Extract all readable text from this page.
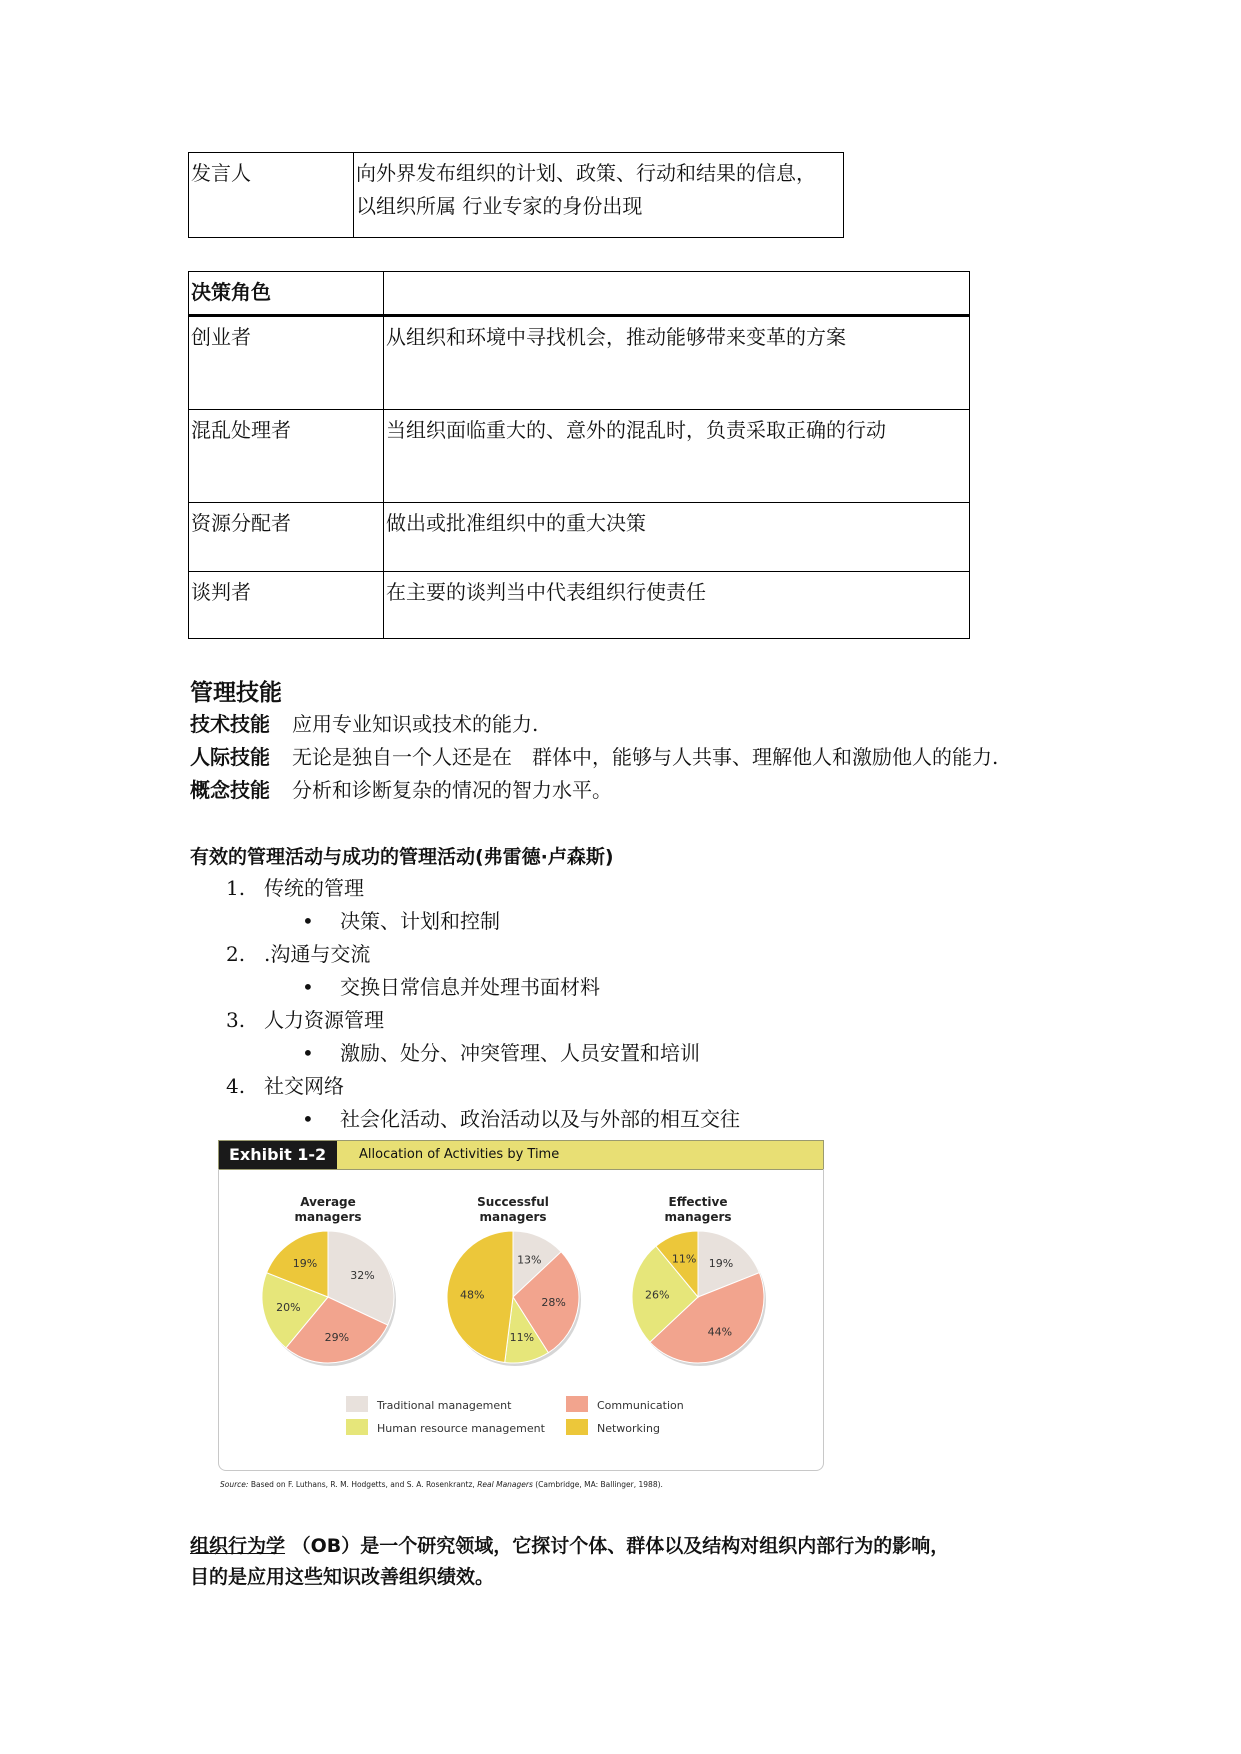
发言人	向外界发布组织的计划、政策、行动和结果的信息，
以组织所属 行业专家的身份出现
决策角色	
创业者	从组织和环境中寻找机会，推动能够带来变革的方案
混乱处理者	当组织面临重大的、意外的混乱时，负责采取正确的行动
资源分配者	做出或批准组织中的重大决策
谈判者	在主要的谈判当中代表组织行使责任
管理技能
技术技能 应用专业知识或技术的能力.
人际技能 无论是独自一个人还是在　群体中，能够与人共事、理解他人和激励他人的能力.
概念技能 分析和诊断复杂的情况的智力水平。
有效的管理活动与成功的管理活动(弗雷德·卢森斯)
1. 传统的管理
• 决策、计划和控制
2. .沟通与交流
• 交换日常信息并处理书面材料
3. 人力资源管理
• 激励、处分、冲突管理、人员安置和培训
4. 社交网络
• 社会化活动、政治活动以及与外部的相互交往
Exhibit 1-2	Allocation of Activities by Time
Average
managers
32%
29%
20%
19%
Successful
managers
13%
28%
11%
48%
Effective
managers
19%
44%
26%
11%
Traditional management	Communication
Human resource management	Networking
Source: Based on F. Luthans, R. M. Hodgetts, and S. A. Rosenkrantz, Real Managers (Cambridge, MA: Ballinger, 1988).
组织行为学 （OB）是一个研究领域，它探讨个体、群体以及结构对组织内部行为的影响，
目的是应用这些知识改善组织绩效。
